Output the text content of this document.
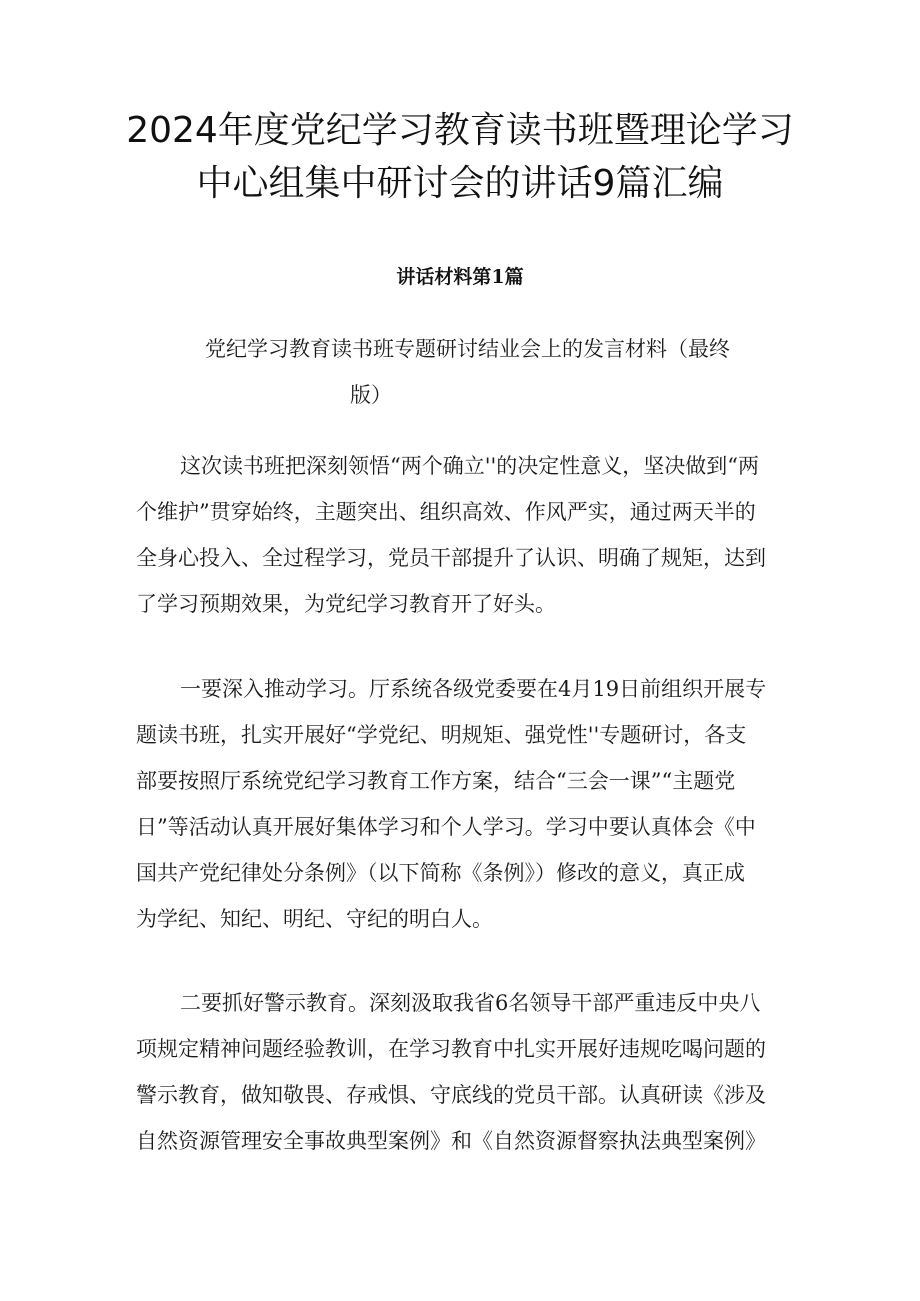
2024年度党纪学习教育读书班暨理论学习
中心组集中研讨会的讲话9篇汇编
讲话材料第1篇
党纪学习教育读书班专题研讨结业会上的发言材料（最终
版）
这次读书班把深刻领悟“两个确立''的决定性意义，坚决做到“两
个维护”贯穿始终，主题突出、组织高效、作风严实，通过两天半的
全身心投入、全过程学习，党员干部提升了认识、明确了规矩，达到
了学习预期效果，为党纪学习教育开了好头。
一要深入推动学习。厅系统各级党委要在4月19日前组织开展专
题读书班，扎实开展好“学党纪、明规矩、强党性''专题研讨，各支
部要按照厅系统党纪学习教育工作方案，结合“三会一课”“主题党
日”等活动认真开展好集体学习和个人学习。学习中要认真体会《中
国共产党纪律处分条例》（以下简称《条例》）修改的意义，真正成
为学纪、知纪、明纪、守纪的明白人。
二要抓好警示教育。深刻汲取我省6名领导干部严重违反中央八
项规定精神问题经验教训，在学习教育中扎实开展好违规吃喝问题的
警示教育，做知敬畏、存戒惧、守底线的党员干部。认真研读《涉及
自然资源管理安全事故典型案例》和《自然资源督察执法典型案例》
